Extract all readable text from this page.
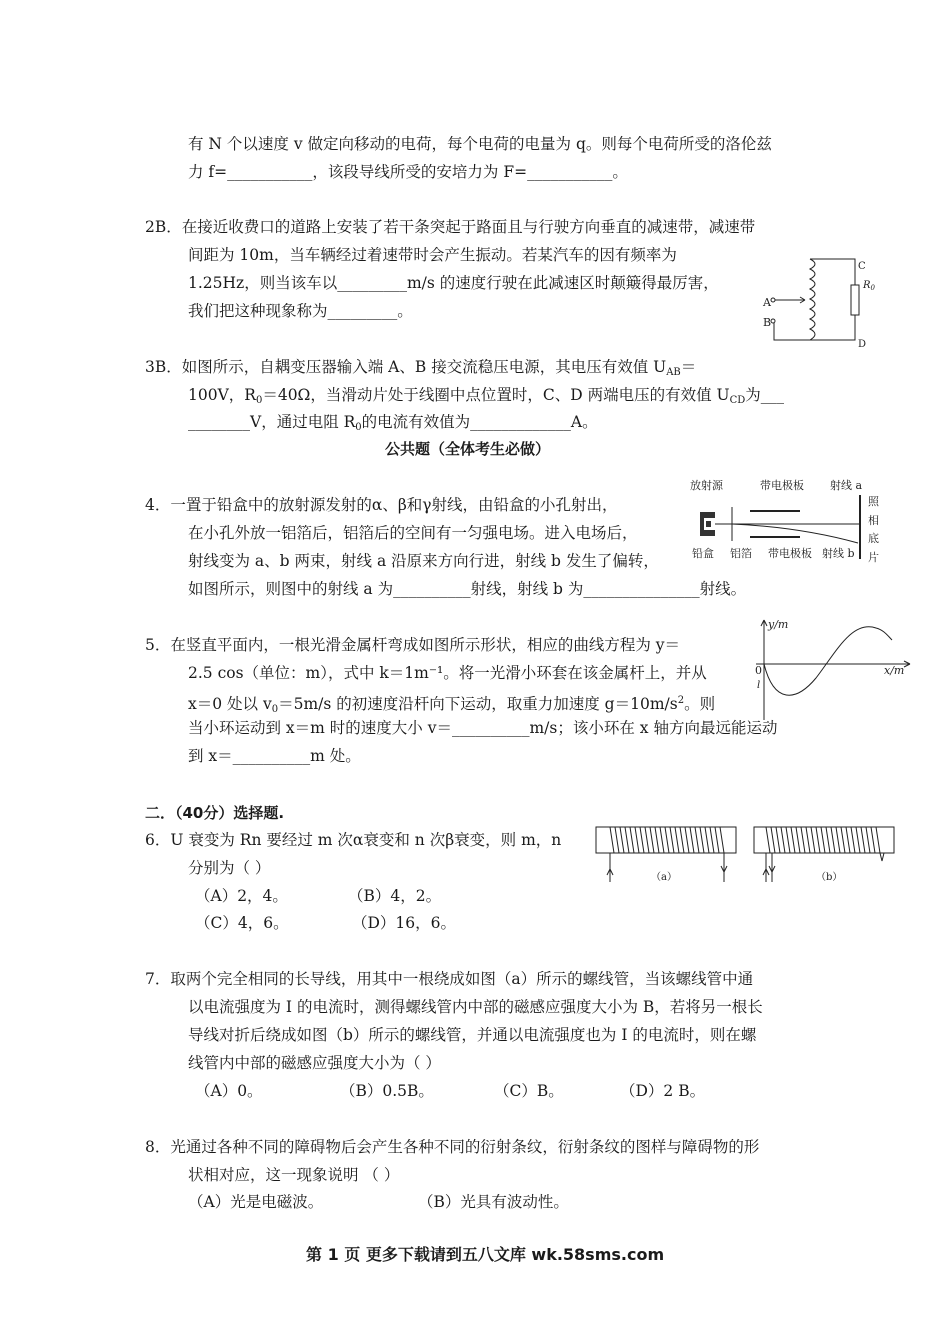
有 N 个以速度 v 做定向移动的电荷，每个电荷的电量为 q。则每个电荷所受的洛伦兹
力 f=___________，该段导线所受的安培力为 F=___________。
2B．在接近收费口的道路上安装了若干条突起于路面且与行驶方向垂直的减速带，减速带
间距为 10m，当车辆经过着速带时会产生振动。若某汽车的因有频率为
1.25Hz，则当该车以_________m/s 的速度行驶在此减速区时颠簸得最厉害，
我们把这种现象称为_________。
C
$R_0$
A
B
D
3B．如图所示，自耦变压器输入端 A、B 接交流稳压电源，其电压有效值 $U_{AB}=$
100V，$R_0=40\Omega$，当滑动片处于线圈中点位置时，C、D 两端电压的有效值 $U_{CD}$为___
________V，通过电阻 $R_0$的电流有效值为_____________A。
公共题（全体考生必做）
放射源	带电极板 射线 a
照
相
底
片
铅盒 铝箔 带电极板 射线 b
4．一置于铅盒中的放射源发射的α、β和γ射线，由铅盒的小孔射出，
在小孔外放一铝箔后，铝箔后的空间有一匀强电场。进入电场后，
射线变为 a、b 两束，射线 a 沿原来方向行进，射线 b 发生了偏转，
如图所示，则图中的射线 a 为__________射线，射线 b 为_______________射线。
y/m
x/m
0
l
5．在竖直平面内，一根光滑金属杆弯成如图所示形状，相应的曲线方程为 y＝
2.5 cos（单位：m），式中 k＝1m⁻¹。将一光滑小环套在该金属杆上，并从
x＝0 处以 $v_0=5m/s$ 的初速度沿杆向下运动，取重力加速度 $g=10m/s^2$。则
当小环运动到 x＝m 时的速度大小 v＝__________m/s；该小环在 x 轴方向最远能运动
到 x＝__________m 处。
二．（40分）选择题.
（a）	（b）
6．U 衰变为 Rn 要经过 m 次α衰变和 n 次β衰变，则 m，n
分别为（ ）
（A）2，4。	（B）4，2。
（C）4，6。	（D）16，6。
7．取两个完全相同的长导线，用其中一根绕成如图（a）所示的螺线管，当该螺线管中通
以电流强度为 I 的电流时，测得螺线管内中部的磁感应强度大小为 B，若将另一根长
导线对折后绕成如图（b）所示的螺线管，并通以电流强度也为 I 的电流时，则在螺
线管内中部的磁感应强度大小为（ ）
（A）0。	（B）0.5B。	（C）B。	（D）2 B。
8．光通过各种不同的障碍物后会产生各种不同的衍射条纹，衍射条纹的图样与障碍物的形
状相对应，这一现象说明 （ ）
（A）光是电磁波。	（B）光具有波动性。
第 1 页 更多下载请到五八文库 wk.58sms.com
